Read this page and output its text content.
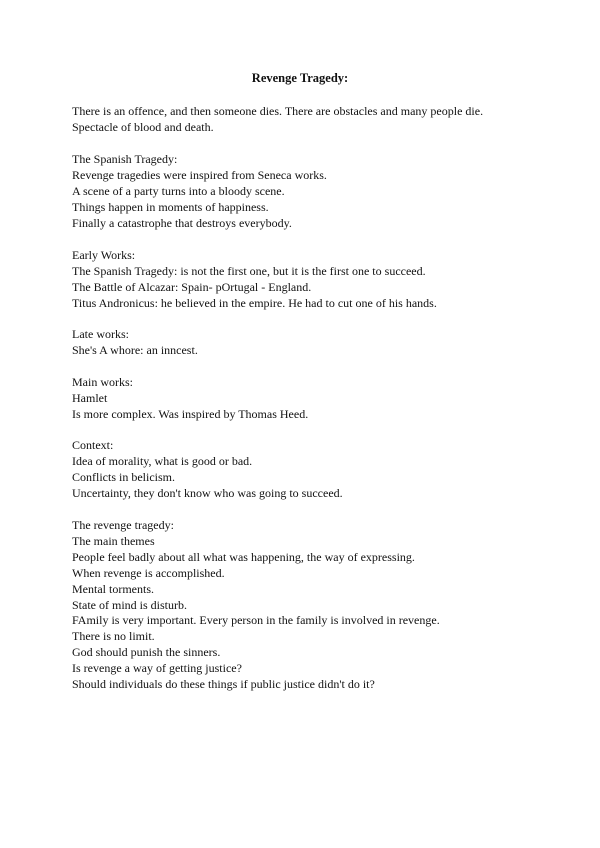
Revenge Tragedy:
There is an offence, and then someone dies. There are obstacles and many people die.
Spectacle of blood and death.
The Spanish Tragedy:
Revenge tragedies were inspired from Seneca works.
A scene of a party turns into a bloody scene.
Things happen in moments of happiness.
Finally a catastrophe that destroys everybody.
Early Works:
The Spanish Tragedy: is not the first one, but it is the first one to succeed.
The Battle of Alcazar: Spain- pOrtugal - England.
Titus Andronicus: he believed in the empire. He had to cut one of his hands.
Late works:
She's A whore: an inncest.
Main works:
Hamlet
Is more complex. Was inspired by Thomas Heed.
Context:
Idea of morality, what is good or bad.
Conflicts in belicism.
Uncertainty, they don't know who was going to succeed.
The revenge tragedy:
The main themes
People feel badly about all what was happening, the way of expressing.
When revenge is accomplished.
Mental torments.
State of mind is disturb.
FAmily is very important. Every person in the family is involved in revenge.
There is no limit.
God should punish the sinners.
Is revenge a way of getting justice?
Should individuals do these things if public justice didn't do it?
